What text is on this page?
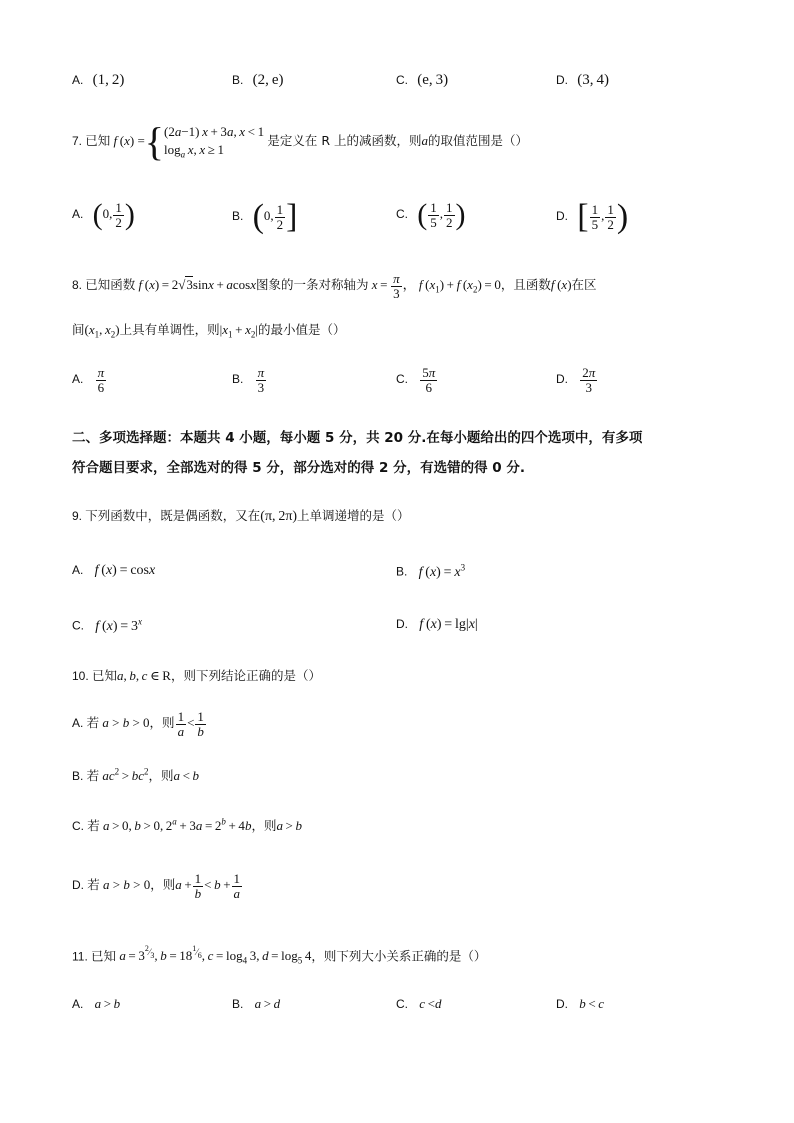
A. (1, 2)	B. (2, e)	C. (e, 3)	D. (3, 4)
7. 已知 f (x) ={(2a−1) x + 3a, x < 1
$\log_a x$, x ≥ 1 是定义在 R 上的减函数，则a的取值范围是（）
A. (0, $\frac{1}{2}$ )	B. (0, $\frac{1}{2}$ ]	C. ( $\frac{1}{5}$ , $\frac{1}{2}$ )	D. [ $\frac{1}{5}$ , $\frac{1}{2}$ )
8. 已知函数 f (x) = 2√3sinx + acosx图象的一条对称轴为 $x = \frac{\pi}{3}$ ， f $(x_1) + f$ $(x_2) = 0$，且函数f (x)在区
间($x_1$, $x_2$)上具有单调性，则$|x_1 + x_2|$的最小值是（）
A. $\frac{\pi}{6}$	B. $\frac{\pi}{3}$	C. $\frac{5\pi}{6}$	D. $\frac{2\pi}{3}$
二、多项选择题：本题共 4 小题，每小题 5 分，共 20 分.在每小题给出的四个选项中，有多项
符合题目要求，全部选对的得 5 分，部分选对的得 2 分，有选错的得 0 分.
9. 下列函数中，既是偶函数，又在(π, 2π)上单调递增的是（）
A. f (x) = cosx	B. f $(x) = x^3$
C. f $(x) = 3^x$	D. f (x) = lg|x|
10. 已知a, b, c ∈ R，则下列结论正确的是（）
A. 若 a > b > 0，则 $\frac{1}{a} < \frac{1}{b}$
B. 若 $ac^2 > bc^2$，则a < b
C. 若 a > 0, b > 0, $2^a + 3a = 2^b + 4b$，则a > b
D. 若 a > b > 0，则$a + \frac{1}{b} < b + \frac{1}{a}$
11. 已知 $a = 3^{^2⁄_3}$, $b = 18^{^1⁄_6}$, $c = \log_4 3$, $d = \log_5 4$，则下列大小关系正确的是（）
A. a > b	B. a > d	C. c <d	D. b < c
